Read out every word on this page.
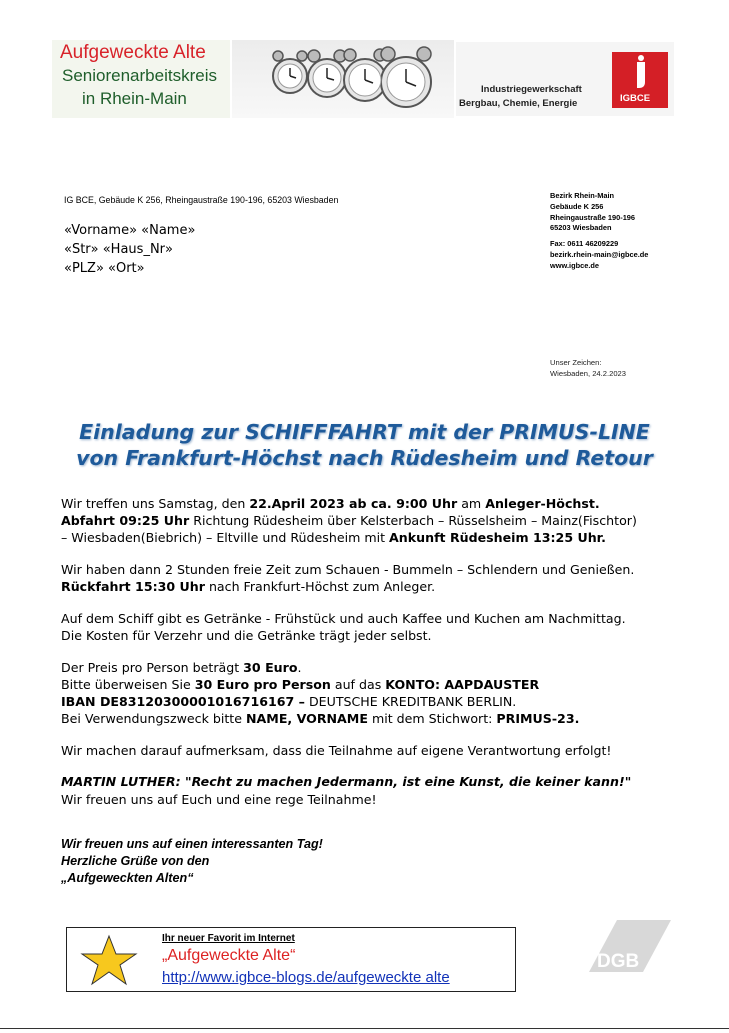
Aufgeweckte Alte
Seniorenarbeitskreis
in Rhein-Main	Industriegewerkschaft
Bergbau, Chemie, Energie	IGBCE
IG BCE, Gebäude K 256, Rheingaustraße 190-196, 65203 Wiesbaden
«Vorname» «Name»
«Str» «Haus_Nr»
«PLZ» «Ort»
Bezirk Rhein-Main
Gebäude K 256
Rheingaustraße 190-196
65203 Wiesbaden
Fax: 0611 46209229
bezirk.rhein-main@igbce.de
www.igbce.de
Unser Zeichen:
Wiesbaden, 24.2.2023
Einladung zur SCHIFFFAHRT mit der PRIMUS-LINE
von Frankfurt-Höchst nach Rüdesheim und Retour

Wir treffen uns Samstag, den 22.April 2023 ab ca. 9:00 Uhr am Anleger-Höchst.
Abfahrt 09:25 Uhr Richtung Rüdesheim über Kelsterbach – Rüsselsheim – Mainz(Fischtor)
– Wiesbaden(Biebrich) – Eltville und Rüdesheim mit Ankunft Rüdesheim 13:25 Uhr.

Wir haben dann 2 Stunden freie Zeit zum Schauen - Bummeln – Schlendern und Genießen.
Rückfahrt 15:30 Uhr nach Frankfurt-Höchst zum Anleger.

Auf dem Schiff gibt es Getränke - Frühstück und auch Kaffee und Kuchen am Nachmittag.
Die Kosten für Verzehr und die Getränke trägt jeder selbst.

Der Preis pro Person beträgt 30 Euro.
Bitte überweisen Sie 30 Euro pro Person auf das KONTO: AAPDAUSTER
IBAN DE83120300001016716167 – DEUTSCHE KREDITBANK BERLIN.
Bei Verwendungszweck bitte NAME, VORNAME mit dem Stichwort: PRIMUS-23.

Wir machen darauf aufmerksam, dass die Teilnahme auf eigene Verantwortung erfolgt!

MARTIN LUTHER: "Recht zu machen Jedermann, ist eine Kunst, die keiner kann!"
Wir freuen uns auf Euch und eine rege Teilnahme!

Wir freuen uns auf einen interessanten Tag!
Herzliche Grüße von den
„Aufgeweckten Alten“
Ihr neuer Favorit im Internet
„Aufgeweckte Alte“
http://www.igbce-blogs.de/aufgeweckte alte
DGB
